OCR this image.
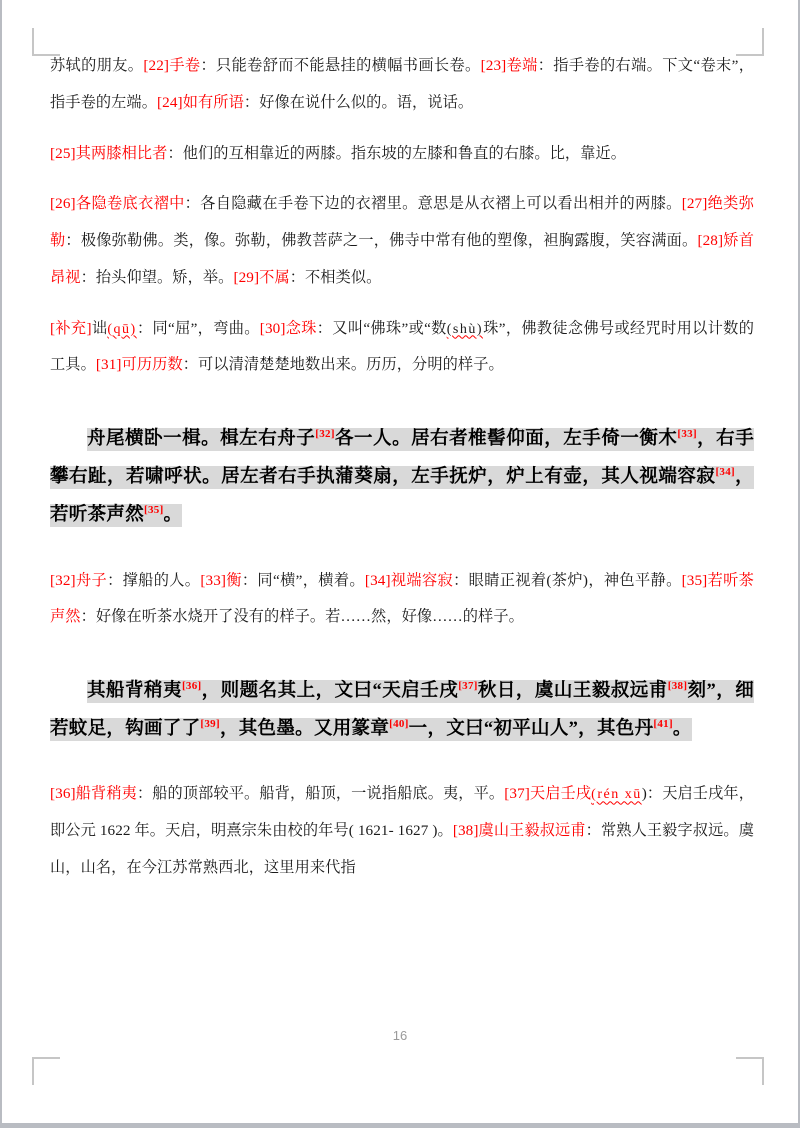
苏轼的朋友。[22]手卷：只能卷舒而不能悬挂的横幅书画长卷。[23]卷端：指手卷的右端。下文“卷末”，指手卷的左端。[24]如有所语：好像在说什么似的。语，说话。

[25]其两膝相比者：他们的互相靠近的两膝。指东坡的左膝和鲁直的右膝。比，靠近。

[26]各隐卷底衣褶中：各自隐藏在手卷下边的衣褶里。意思是从衣褶上可以看出相并的两膝。[27]绝类弥勒：极像弥勒佛。类，像。弥勒，佛教菩萨之一，佛寺中常有他的塑像，袒胸露腹，笑容满面。[28]矫首昂视：抬头仰望。矫，举。[29]不属：不相类似。

[补充]诎(qū)：同“屈”，弯曲。[30]念珠：又叫“佛珠”或“数(shù)珠”，佛教徒念佛号或经咒时用以计数的工具。[31]可历历数：可以清清楚楚地数出来。历历，分明的样子。

舟尾横卧一楫。楫左右舟子[32]各一人。居右者椎髻仰面，左手倚一衡木[33]，右手攀右趾，若啸呼状。居左者右手执蒲葵扇，左手抚炉，炉上有壶，其人视端容寂[34]，若听茶声然[35]。

[32]舟子：撑船的人。[33]衡：同“横”，横着。[34]视端容寂：眼睛正视着(茶炉)，神色平静。[35]若听茶声然：好像在听茶水烧开了没有的样子。若……然，好像……的样子。

其船背稍夷[36]，则题名其上，文曰“天启壬戌[37]秋日，虞山王毅叔远甫[38]刻”，细若蚊足，钩画了了[39]，其色墨。又用篆章[40]一，文曰“初平山人”，其色丹[41]。

[36]船背稍夷：船的顶部较平。船背，船顶，一说指船底。夷，平。[37]天启壬戌(rén xū)：天启壬戌年，即公元 1622 年。天启，明熹宗朱由校的年号( 1621- 1627 )。[38]虞山王毅叔远甫：常熟人王毅字叔远。虞山，山名，在今江苏常熟西北，这里用来代指

16
